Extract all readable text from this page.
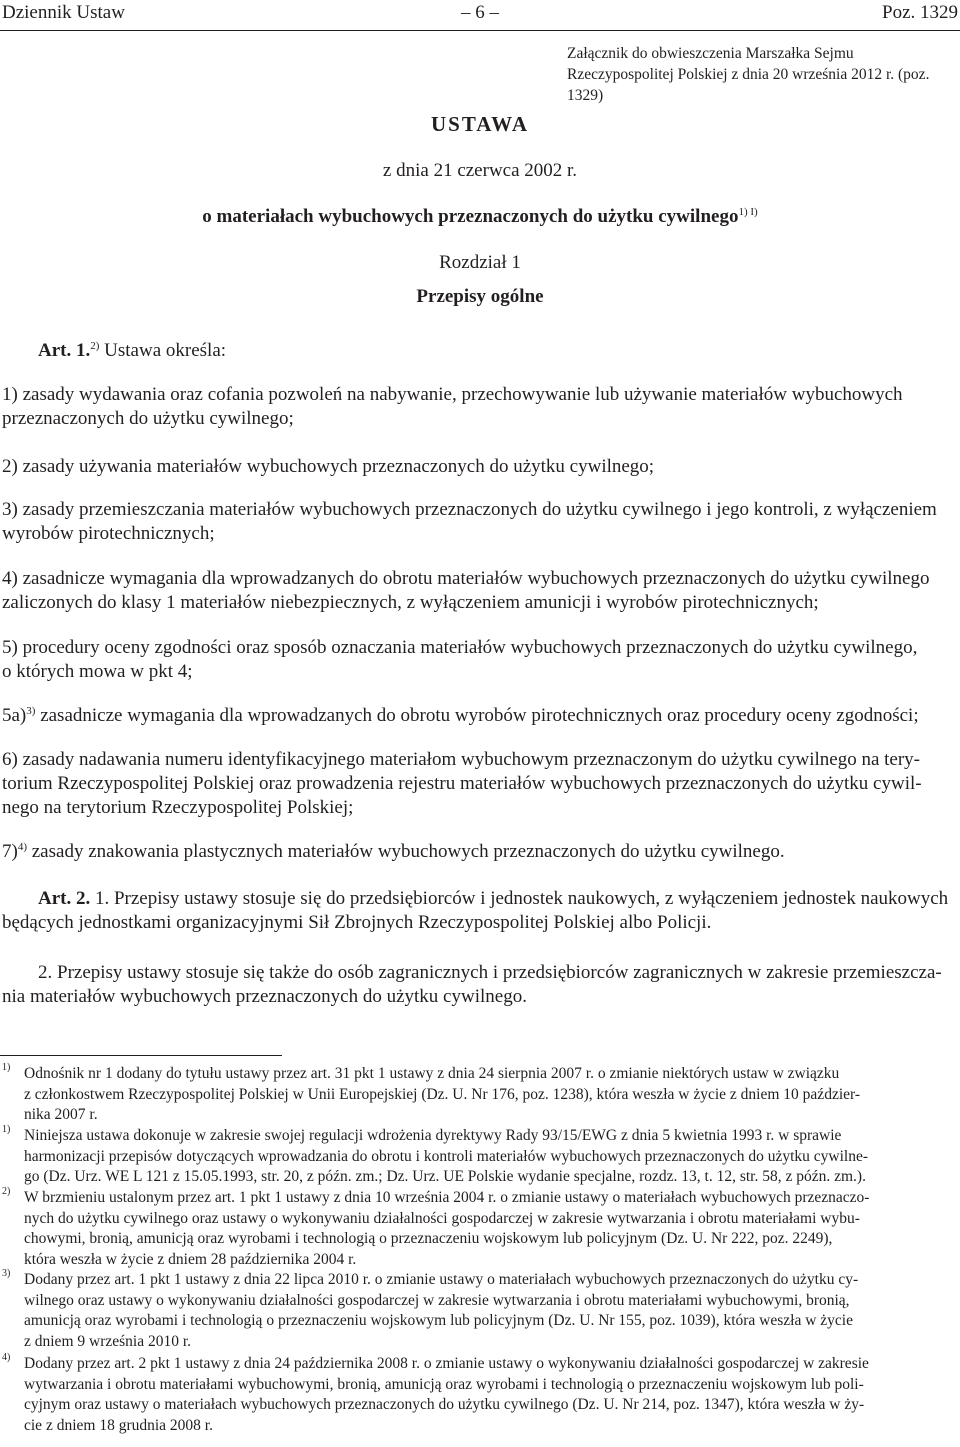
Dziennik Ustaw	– 6 –	Poz. 1329
Załącznik do obwieszczenia Marszałka Sejmu Rzeczypospolitej Polskiej z dnia 20 września 2012 r. (poz. 1329)
USTAWA
z dnia 21 czerwca 2002 r.
o materiałach wybuchowych przeznaczonych do użytku cywilnego$^{1) I)}$
Rozdział 1
Przepisy ogólne
Art. 1.$^{2)}$ Ustawa określa:
1) zasady wydawania oraz cofania pozwoleń na nabywanie, przechowywanie lub używanie materiałów wybuchowych
przeznaczonych do użytku cywilnego;
2) zasady używania materiałów wybuchowych przeznaczonych do użytku cywilnego;
3) zasady przemieszczania materiałów wybuchowych przeznaczonych do użytku cywilnego i jego kontroli, z wyłączeniem
wyrobów pirotechnicznych;
4) zasadnicze wymagania dla wprowadzanych do obrotu materiałów wybuchowych przeznaczonych do użytku cywilnego
zaliczonych do klasy 1 materiałów niebezpiecznych, z wyłączeniem amunicji i wyrobów pirotechnicznych;
5) procedury oceny zgodności oraz sposób oznaczania materiałów wybuchowych przeznaczonych do użytku cywilnego,
o których mowa w pkt 4;
5a)$^{3)}$ zasadnicze wymagania dla wprowadzanych do obrotu wyrobów pirotechnicznych oraz procedury oceny zgodności;
6) zasady nadawania numeru identyfikacyjnego materiałom wybuchowym przeznaczonym do użytku cywilnego na tery-
torium Rzeczypospolitej Polskiej oraz prowadzenia rejestru materiałów wybuchowych przeznaczonych do użytku cywil-
nego na terytorium Rzeczypospolitej Polskiej;
7)$^{4)}$ zasady znakowania plastycznych materiałów wybuchowych przeznaczonych do użytku cywilnego.
Art. 2. 1. Przepisy ustawy stosuje się do przedsiębiorców i jednostek naukowych, z wyłączeniem jednostek naukowych
będących jednostkami organizacyjnymi Sił Zbrojnych Rzeczypospolitej Polskiej albo Policji.
2. Przepisy ustawy stosuje się także do osób zagranicznych i przedsiębiorców zagranicznych w zakresie przemieszcza-
nia materiałów wybuchowych przeznaczonych do użytku cywilnego.
1) Odnośnik nr 1 dodany do tytułu ustawy przez art. 31 pkt 1 ustawy z dnia 24 sierpnia 2007 r. o zmianie niektórych ustaw w związku
z członkostwem Rzeczypospolitej Polskiej w Unii Europejskiej (Dz. U. Nr 176, poz. 1238), która weszła w życie z dniem 10 paździer-
nika 2007 r.
1) Niniejsza ustawa dokonuje w zakresie swojej regulacji wdrożenia dyrektywy Rady 93/15/EWG z dnia 5 kwietnia 1993 r. w sprawie
harmonizacji przepisów dotyczących wprowadzania do obrotu i kontroli materiałów wybuchowych przeznaczonych do użytku cywilne-
go (Dz. Urz. WE L 121 z 15.05.1993, str. 20, z późn. zm.; Dz. Urz. UE Polskie wydanie specjalne, rozdz. 13, t. 12, str. 58, z późn. zm.).
2) W brzmieniu ustalonym przez art. 1 pkt 1 ustawy z dnia 10 września 2004 r. o zmianie ustawy o materiałach wybuchowych przeznaczo-
nych do użytku cywilnego oraz ustawy o wykonywaniu działalności gospodarczej w zakresie wytwarzania i obrotu materiałami wybu-
chowymi, bronią, amunicją oraz wyrobami i technologią o przeznaczeniu wojskowym lub policyjnym (Dz. U. Nr 222, poz. 2249),
która weszła w życie z dniem 28 października 2004 r.
3) Dodany przez art. 1 pkt 1 ustawy z dnia 22 lipca 2010 r. o zmianie ustawy o materiałach wybuchowych przeznaczonych do użytku cy-
wilnego oraz ustawy o wykonywaniu działalności gospodarczej w zakresie wytwarzania i obrotu materiałami wybuchowymi, bronią,
amunicją oraz wyrobami i technologią o przeznaczeniu wojskowym lub policyjnym (Dz. U. Nr 155, poz. 1039), która weszła w życie
z dniem 9 września 2010 r.
4) Dodany przez art. 2 pkt 1 ustawy z dnia 24 października 2008 r. o zmianie ustawy o wykonywaniu działalności gospodarczej w zakresie
wytwarzania i obrotu materiałami wybuchowymi, bronią, amunicją oraz wyrobami i technologią o przeznaczeniu wojskowym lub poli-
cyjnym oraz ustawy o materiałach wybuchowych przeznaczonych do użytku cywilnego (Dz. U. Nr 214, poz. 1347), która weszła w ży-
cie z dniem 18 grudnia 2008 r.
